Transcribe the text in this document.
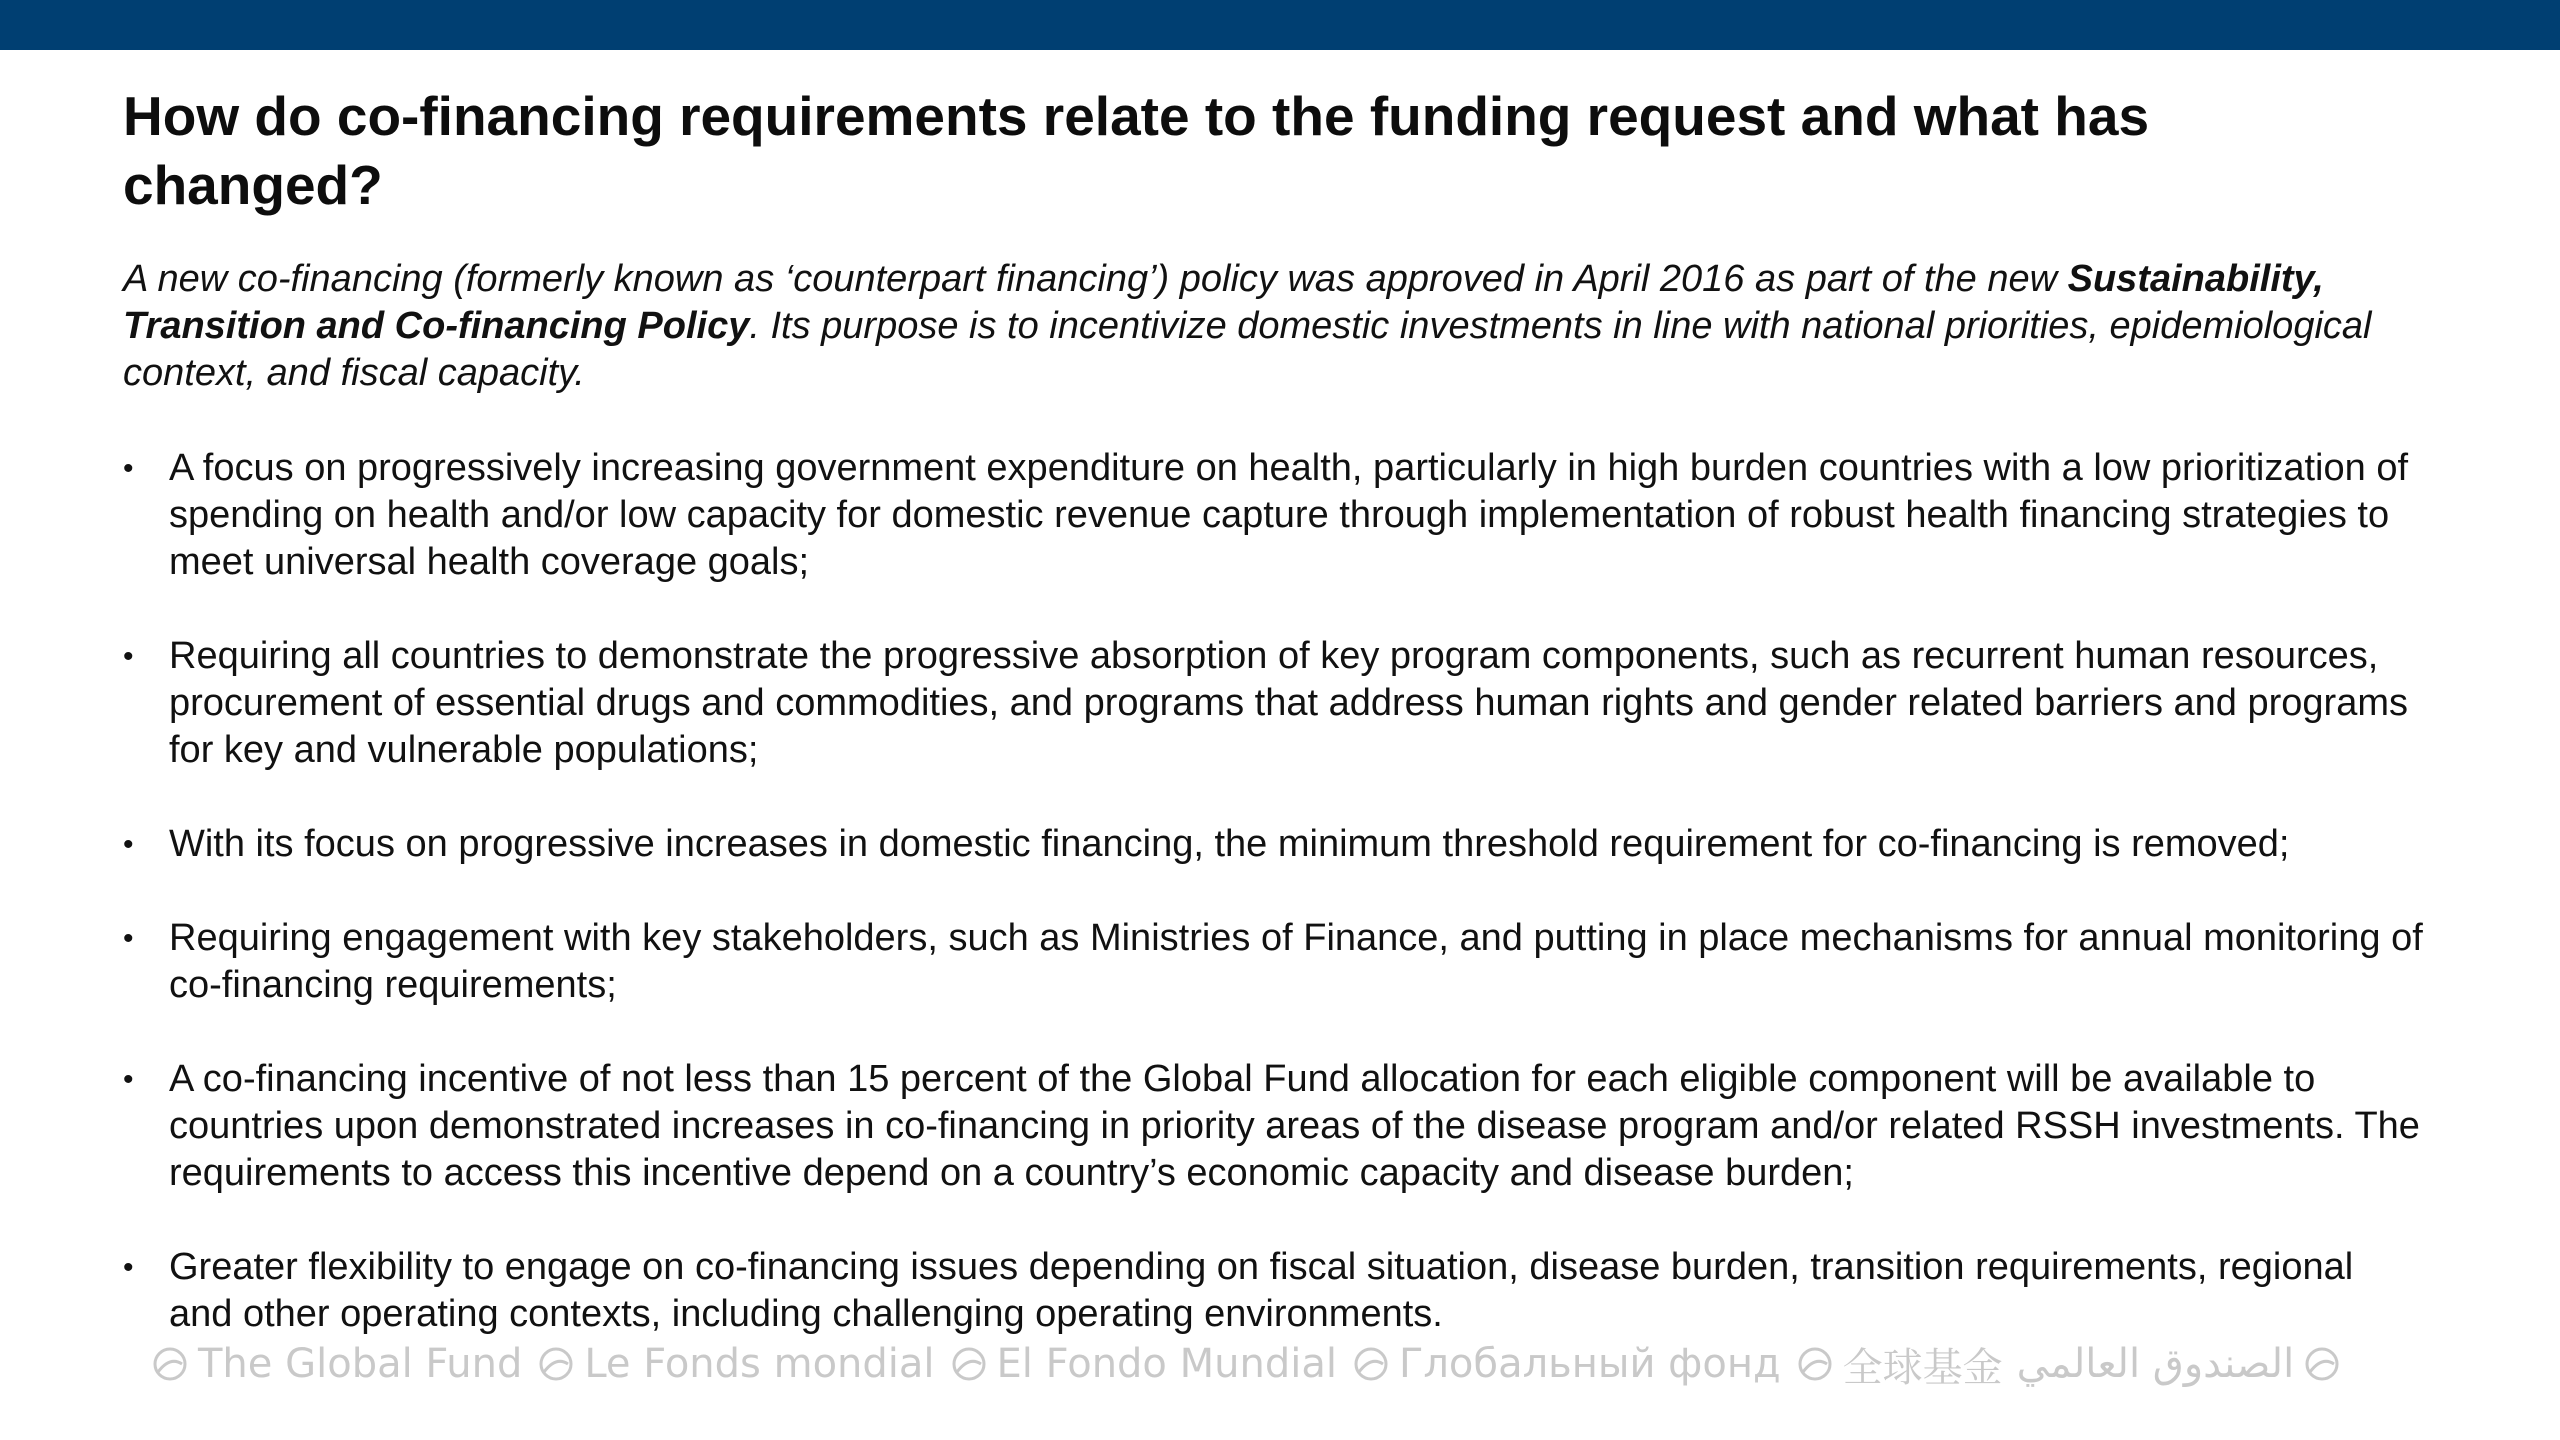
How do co-financing requirements relate to the funding request and what has changed?

A new co-financing (formerly known as ‘counterpart financing’) policy was approved in April 2016 as part of the new Sustainability, Transition and Co-financing Policy. Its purpose is to incentivize domestic investments in line with national priorities, epidemiological context, and fiscal capacity.

• A focus on progressively increasing government expenditure on health, particularly in high burden countries with a low prioritization of spending on health and/or low capacity for domestic revenue capture through implementation of robust health financing strategies to meet universal health coverage goals;
• Requiring all countries to demonstrate the progressive absorption of key program components, such as recurrent human resources, procurement of essential drugs and commodities, and programs that address human rights and gender related barriers and programs for key and vulnerable populations;
• With its focus on progressive increases in domestic financing, the minimum threshold requirement for co-financing is removed;
• Requiring engagement with key stakeholders, such as Ministries of Finance, and putting in place mechanisms for annual monitoring of co-financing requirements;
• A co-financing incentive of not less than 15 percent of the Global Fund allocation for each eligible component will be available to countries upon demonstrated increases in co-financing in priority areas of the disease program and/or related RSSH investments. The requirements to access this incentive depend on a country’s economic capacity and disease burden;
• Greater flexibility to engage on co-financing issues depending on fiscal situation, disease burden, transition requirements, regional and other operating contexts, including challenging operating environments.
The Global Fund Le Fonds mondial El Fondo Mundial Глобальный фонд 全球基金 الصندوق العالمي
